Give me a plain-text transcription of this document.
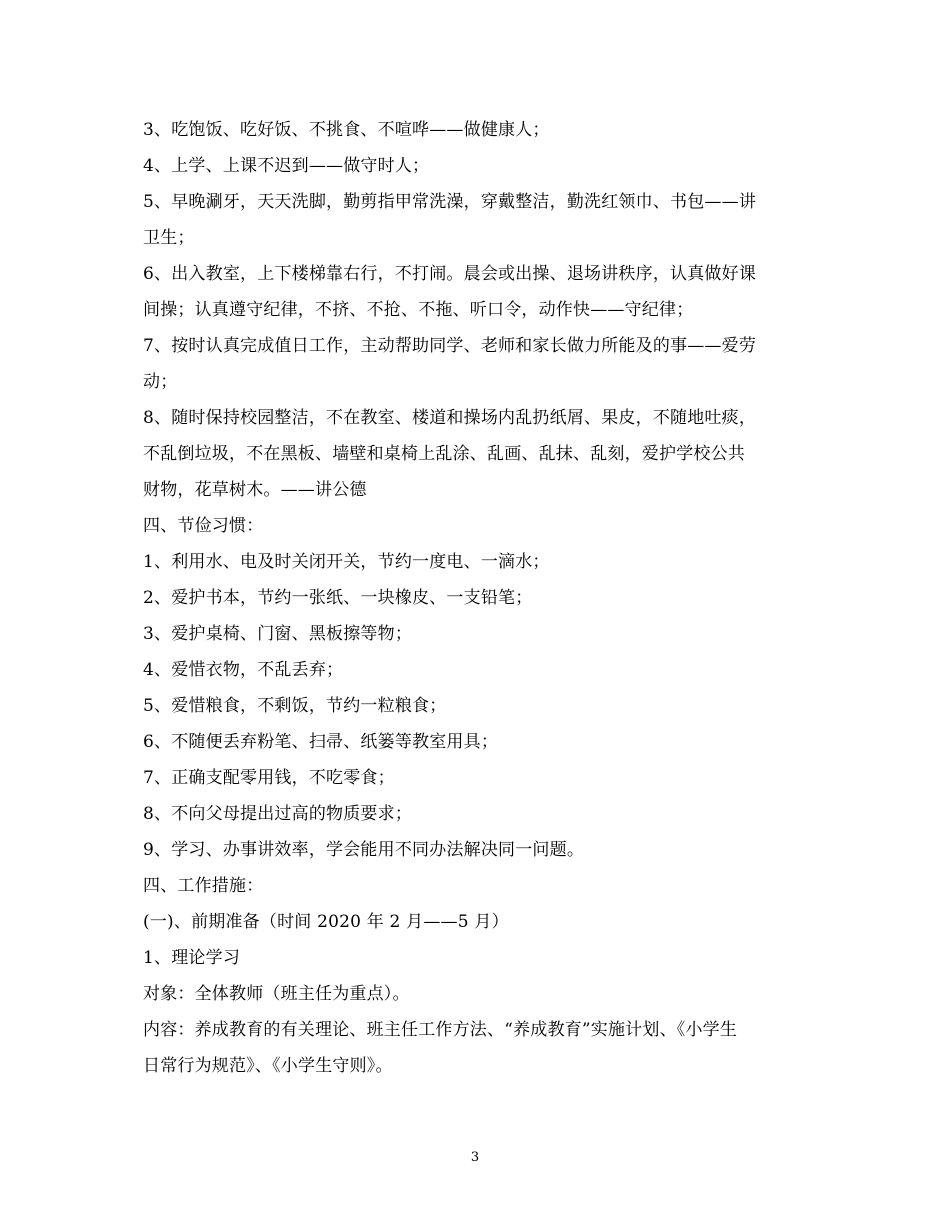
3、吃饱饭、吃好饭、不挑食、不喧哗——做健康人；
4、上学、上课不迟到——做守时人；
5、早晚涮牙，天天洗脚，勤剪指甲常洗澡，穿戴整洁，勤洗红领巾、书包——讲
卫生；
6、出入教室，上下楼梯靠右行，不打闹。晨会或出操、退场讲秩序，认真做好课
间操；认真遵守纪律，不挤、不抢、不拖、听口令，动作快——守纪律；
7、按时认真完成值日工作，主动帮助同学、老师和家长做力所能及的事——爱劳
动；
8、随时保持校园整洁，不在教室、楼道和操场内乱扔纸屑、果皮，不随地吐痰，
不乱倒垃圾，不在黑板、墙壁和桌椅上乱涂、乱画、乱抹、乱刻，爱护学校公共
财物，花草树木。——讲公德
四、节俭习惯：
1、利用水、电及时关闭开关，节约一度电、一滴水；
2、爱护书本，节约一张纸、一块橡皮、一支铅笔；
3、爱护桌椅、门窗、黑板擦等物；
4、爱惜衣物，不乱丢弃；
5、爱惜粮食，不剩饭，节约一粒粮食；
6、不随便丢弃粉笔、扫帚、纸篓等教室用具；
7、正确支配零用钱，不吃零食；
8、不向父母提出过高的物质要求；
9、学习、办事讲效率，学会能用不同办法解决同一问题。
四、工作措施：
(一)、前期准备（时间 2020 年 2 月——5 月）
1、理论学习
对象：全体教师（班主任为重点）。
内容：养成教育的有关理论、班主任工作方法、“养成教育”实施计划、《小学生
日常行为规范》、《小学生守则》。
3
